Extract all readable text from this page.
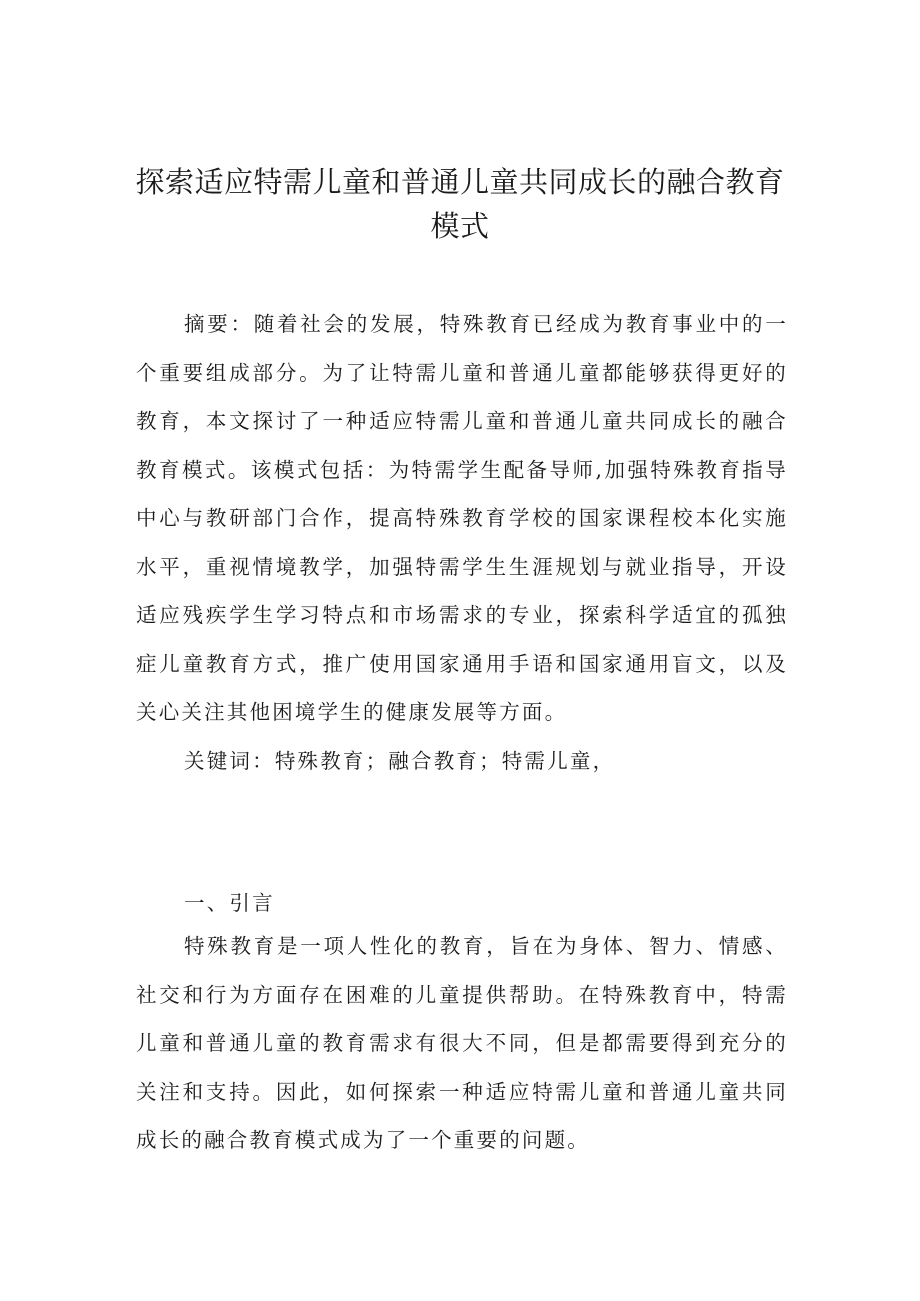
探索适应特需儿童和普通儿童共同成长的融合教育
模式

摘要：随着社会的发展，特殊教育已经成为教育事业中的一个重要组成部分。为了让特需儿童和普通儿童都能够获得更好的教育，本文探讨了一种适应特需儿童和普通儿童共同成长的融合教育模式。该模式包括：为特需学生配备导师,加强特殊教育指导中心与教研部门合作，提高特殊教育学校的国家课程校本化实施水平，重视情境教学，加强特需学生生涯规划与就业指导，开设适应残疾学生学习特点和市场需求的专业，探索科学适宜的孤独症儿童教育方式，推广使用国家通用手语和国家通用盲文，以及关心关注其他困境学生的健康发展等方面。

关键词：特殊教育；融合教育；特需儿童，

一、引言

特殊教育是一项人性化的教育，旨在为身体、智力、情感、社交和行为方面存在困难的儿童提供帮助。在特殊教育中，特需儿童和普通儿童的教育需求有很大不同，但是都需要得到充分的关注和支持。因此，如何探索一种适应特需儿童和普通儿童共同成长的融合教育模式成为了一个重要的问题。
